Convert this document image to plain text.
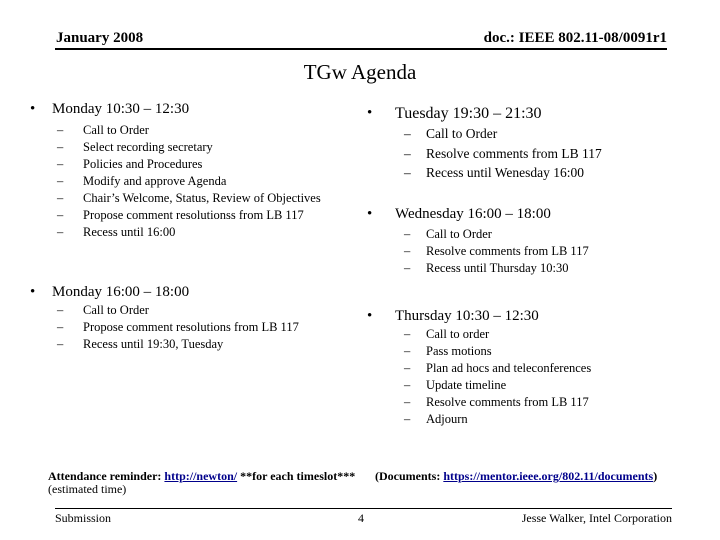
January 2008	doc.: IEEE 802.11-08/0091r1
TGw Agenda
• Monday 10:30 – 12:30
– Call to Order
– Select recording secretary
– Policies and Procedures
– Modify and approve Agenda
– Chair’s Welcome, Status, Review of Objectives
– Propose comment resolutionss from LB 117
– Recess until 16:00
• Monday 16:00 – 18:00
– Call to Order
– Propose comment resolutions from LB 117
– Recess until 19:30, Tuesday
• Tuesday 19:30 – 21:30
– Call to Order
– Resolve comments from LB 117
– Recess until Wenesday 16:00
• Wednesday 16:00 – 18:00
– Call to Order
– Resolve comments from LB 117
– Recess until Thursday 10:30
• Thursday 10:30 – 12:30
– Call to order
– Pass motions
– Plan ad hocs and teleconferences
– Update timeline
– Resolve comments from LB 117
– Adjourn
Attendance reminder: http://newton/ **for each timeslot*** (Documents: https://mentor.ieee.org/802.11/documents)
(estimated time)
Submission	4	Jesse Walker, Intel Corporation
